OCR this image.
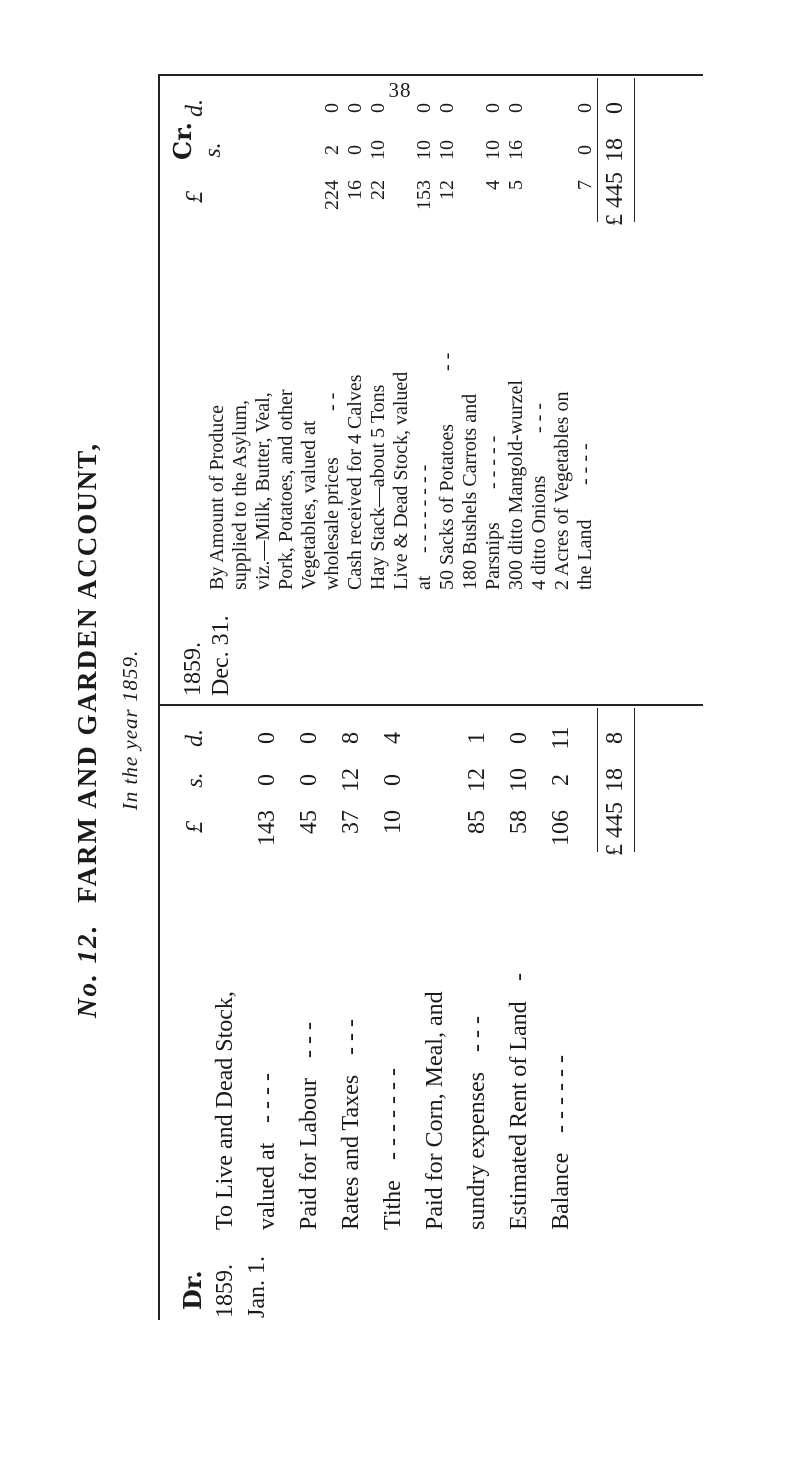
38
No. 12. FARM AND GARDEN ACCOUNT, In the year 1859.
Dr. 1859. Jan. 1.
£
s.
d.
To Live and Dead Stock, valued at
- - - -
143
0
0
Paid for Labour
- - -
45
0
0
Rates and Taxes
- - -
37
12
8
Tithe
- - - - - - -
10
0
4
Paid for Corn, Meal, and sundry expenses
- - -
85
12
1
Estimated Rent of Land
-
58
10
0
Balance
- - - - - -
106
2
11
£ 445
18
8
Cr.
1859. Dec. 31.
£
s.
d.
By Amount of Produce supplied to the Asylum, viz.—Milk, Butter, Veal, Pork, Potatoes, and other Vegetables, valued at wholesale prices
- -
224
2
0
Cash received for 4 Calves
16
0
0
Hay Stack—about 5 Tons
22
10
0
Live & Dead Stock, valued at
- - - - - - - -
153
10
0
50 Sacks of Potatoes
- -
12
10
0
180 Bushels Carrots and Parsnips
- - - - -
4
10
0
300 ditto Mangold-wurzel
5
16
0
4 ditto Onions
- - - 2 Acres of Vegetables on the Land
- - - -
7
0
0
£ 445
18
0
